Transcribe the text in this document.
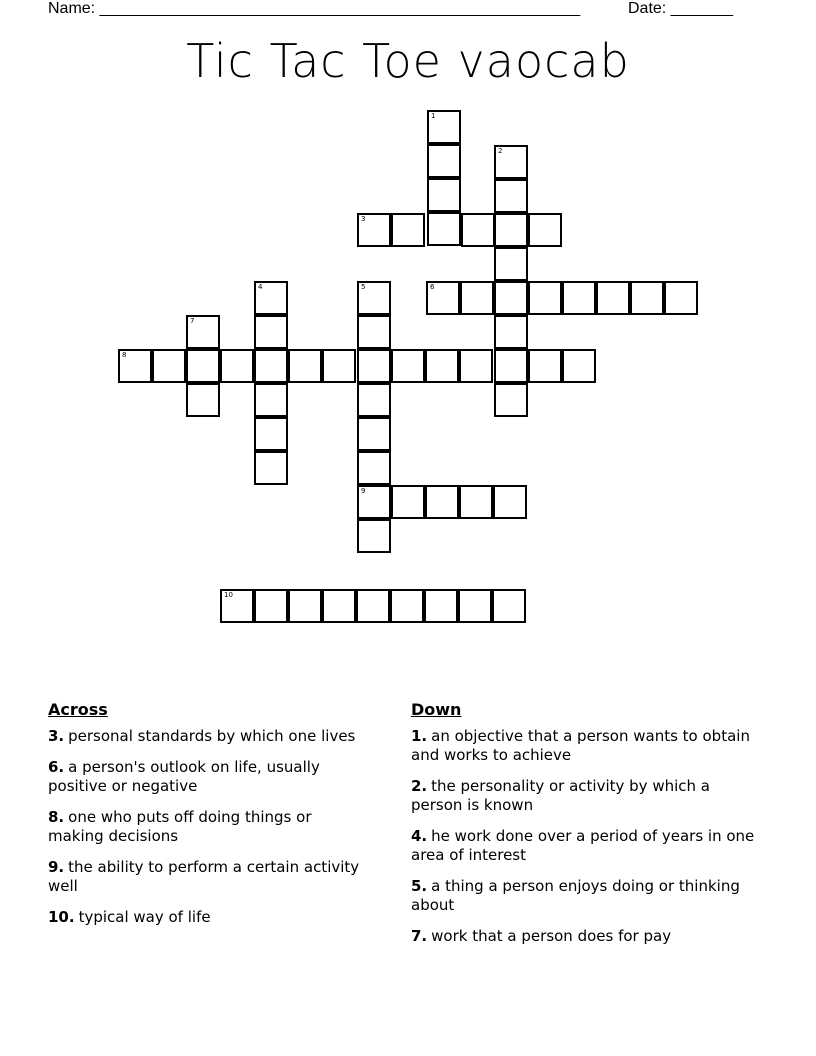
Name: ______________________________________________________	Date: _______
Tic Tac Toe vaocab
1
2
3
4	5
9
6
7
8
10
Across
3. personal standards by which one lives
6. a person's outlook on life, usually positive or negative
8. one who puts off doing things or making decisions
9. the ability to perform a certain activity well
10. typical way of life
Down
1. an objective that a person wants to obtain and works to achieve
2. the personality or activity by which a person is known
4. he work done over a period of years in one area of interest
5. a thing a person enjoys doing or thinking about
7. work that a person does for pay
